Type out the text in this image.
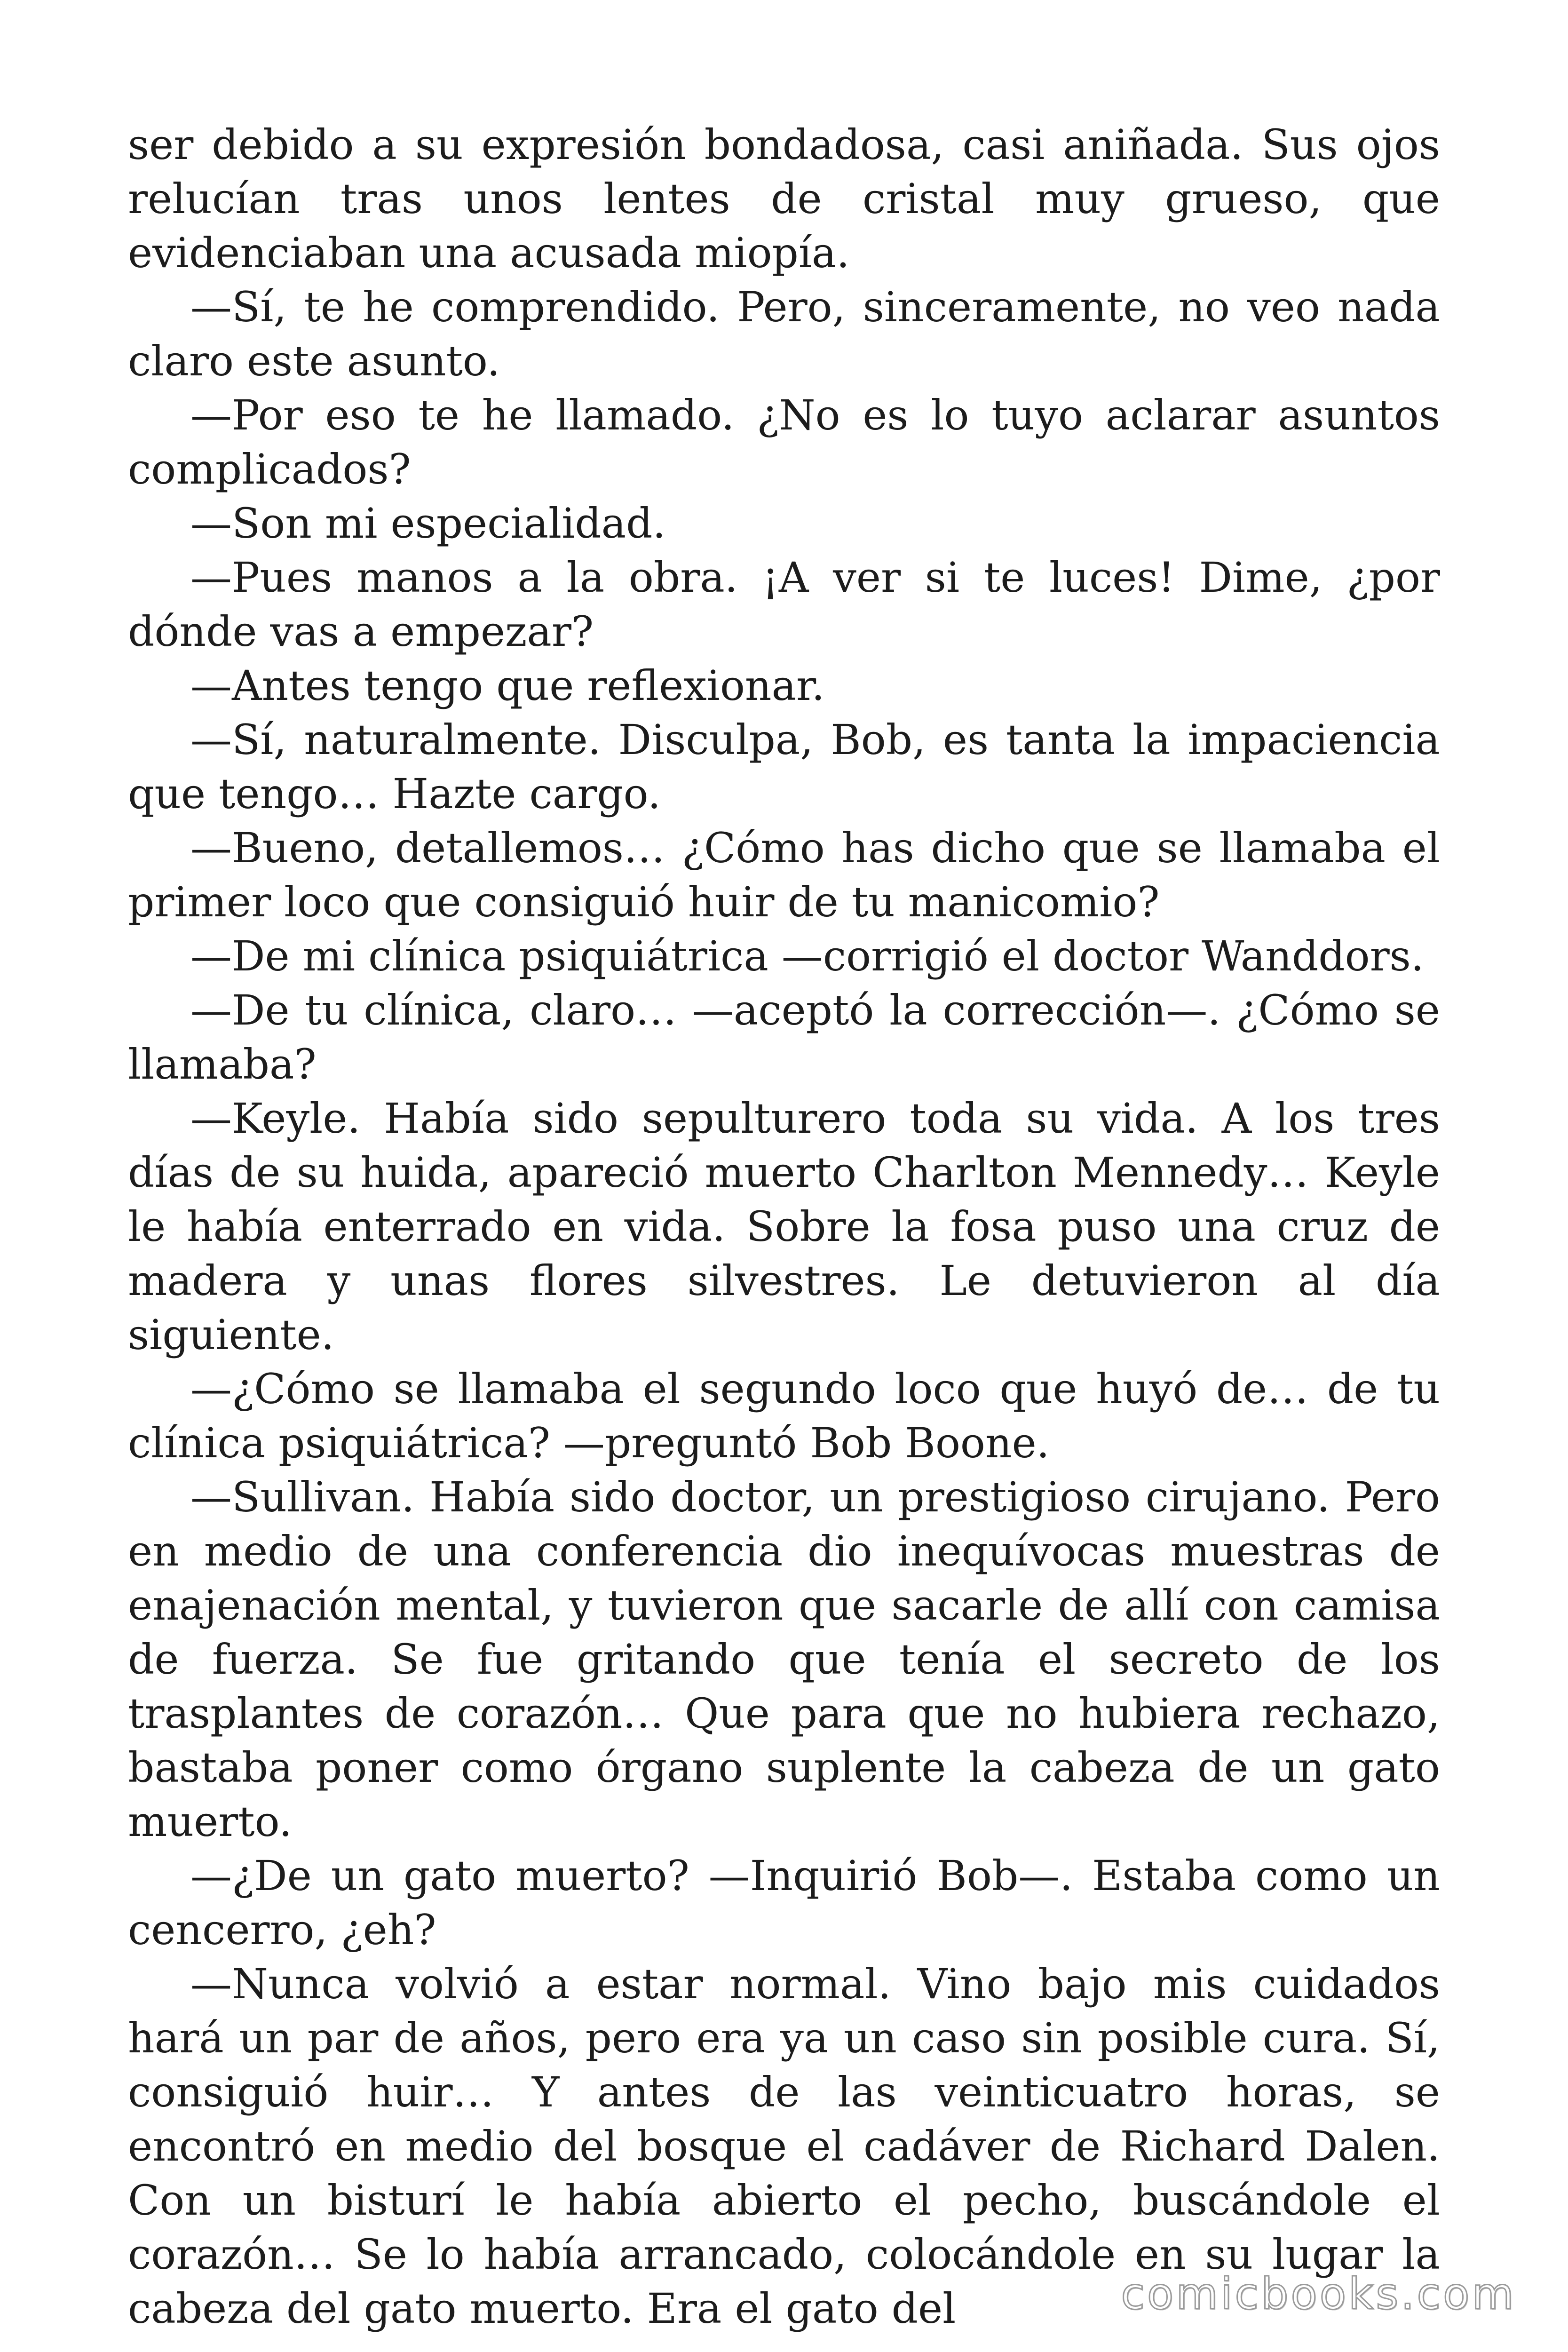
ser debido a su expresión bondadosa, casi aniñada. Sus ojos relucían tras unos lentes de cristal muy grueso, que evidenciaban una acusada miopía.

—Sí, te he comprendido. Pero, sinceramente, no veo nada claro este asunto.

—Por eso te he llamado. ¿No es lo tuyo aclarar asuntos complicados?

—Son mi especialidad.

—Pues manos a la obra. ¡A ver si te luces! Dime, ¿por dónde vas a empezar?

—Antes tengo que reflexionar.

—Sí, naturalmente. Disculpa, Bob, es tanta la impaciencia que tengo… Hazte cargo.

—Bueno, detallemos… ¿Cómo has dicho que se llamaba el primer loco que consiguió huir de tu manicomio?

—De mi clínica psiquiátrica —corrigió el doctor Wanddors.

—De tu clínica, claro… —aceptó la corrección—. ¿Cómo se llamaba?

—Keyle. Había sido sepulturero toda su vida. A los tres días de su huida, apareció muerto Charlton Mennedy… Keyle le había enterrado en vida. Sobre la fosa puso una cruz de madera y unas flores silvestres. Le detuvieron al día siguiente.

—¿Cómo se llamaba el segundo loco que huyó de… de tu clínica psiquiátrica? —preguntó Bob Boone.

—Sullivan. Había sido doctor, un prestigioso cirujano. Pero en medio de una conferencia dio inequívocas muestras de enajenación mental, y tuvieron que sacarle de allí con camisa de fuerza. Se fue gritando que tenía el secreto de los trasplantes de corazón… Que para que no hubiera rechazo, bastaba poner como órgano suplente la cabeza de un gato muerto.

—¿De un gato muerto? —Inquirió Bob—. Estaba como un cencerro, ¿eh?

—Nunca volvió a estar normal. Vino bajo mis cuidados hará un par de años, pero era ya un caso sin posible cura. Sí, consiguió huir… Y antes de las veinticuatro horas, se encontró en medio del bosque el cadáver de Richard Dalen. Con un bisturí le había abierto el pecho, buscándole el corazón… Se lo había arrancado, colocándole en su lugar la cabeza del gato muerto. Era el gato del	comicbooks.com
